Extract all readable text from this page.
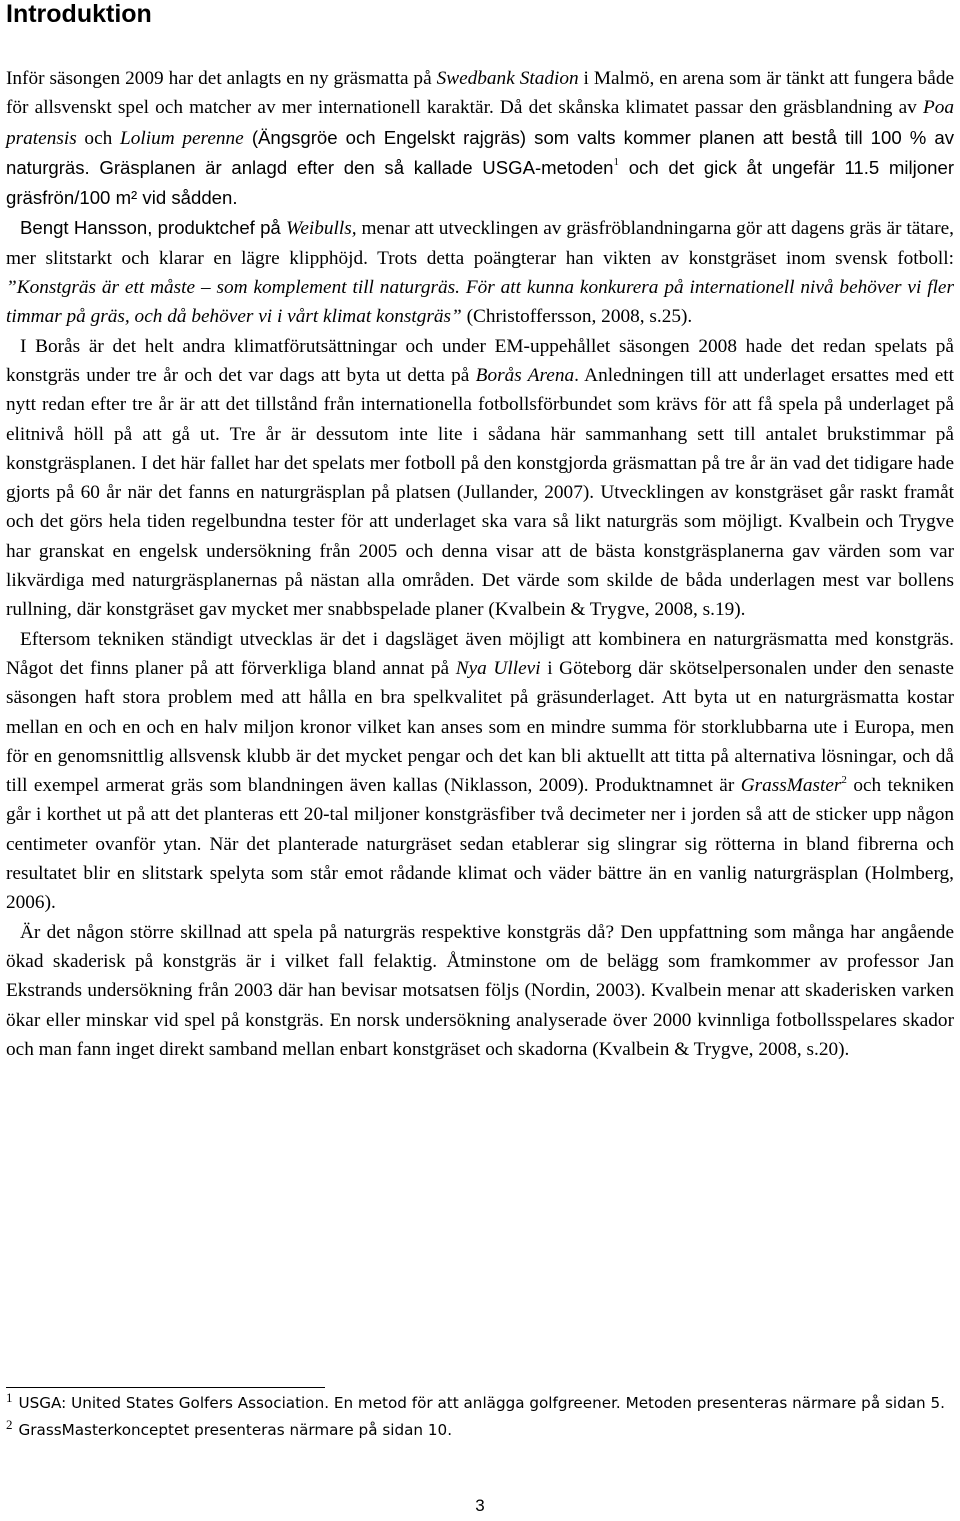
Introduktion

Inför säsongen 2009 har det anlagts en ny gräsmatta på Swedbank Stadion i Malmö, en arena som är tänkt att fungera både för allsvenskt spel och matcher av mer internationell karaktär. Då det skånska klimatet passar den gräsblandning av Poa pratensis och Lolium perenne (Ängsgröe och Engelskt rajgräs) som valts kommer planen att bestå till 100 % av naturgräs. Gräsplanen är anlagd efter den så kallade USGA-metoden$^1$ och det gick åt ungefär 11.5 miljoner gräsfrön/100 m² vid sådden.

Bengt Hansson, produktchef på Weibulls, menar att utvecklingen av gräsfröblandningarna gör att dagens gräs är tätare, mer slitstarkt och klarar en lägre klipphöjd. Trots detta poängterar han vikten av konstgräset inom svensk fotboll: ”Konstgräs är ett måste – som komplement till naturgräs. För att kunna konkurera på internationell nivå behöver vi fler timmar på gräs, och då behöver vi i vårt klimat konstgräs” (Christoffersson, 2008, s.25).

I Borås är det helt andra klimatförutsättningar och under EM-uppehållet säsongen 2008 hade det redan spelats på konstgräs under tre år och det var dags att byta ut detta på Borås Arena. Anledningen till att underlaget ersattes med ett nytt redan efter tre år är att det tillstånd från internationella fotbollsförbundet som krävs för att få spela på underlaget på elitnivå höll på att gå ut. Tre år är dessutom inte lite i sådana här sammanhang sett till antalet brukstimmar på konstgräsplanen. I det här fallet har det spelats mer fotboll på den konstgjorda gräsmattan på tre år än vad det tidigare hade gjorts på 60 år när det fanns en naturgräsplan på platsen (Jullander, 2007). Utvecklingen av konstgräset går raskt framåt och det görs hela tiden regelbundna tester för att underlaget ska vara så likt naturgräs som möjligt. Kvalbein och Trygve har granskat en engelsk undersökning från 2005 och denna visar att de bästa konstgräsplanerna gav värden som var likvärdiga med naturgräsplanernas på nästan alla områden. Det värde som skilde de båda underlagen mest var bollens rullning, där konstgräset gav mycket mer snabbspelade planer (Kvalbein & Trygve, 2008, s.19).

Eftersom tekniken ständigt utvecklas är det i dagsläget även möjligt att kombinera en naturgräsmatta med konstgräs. Något det finns planer på att förverkliga bland annat på Nya Ullevi i Göteborg där skötselpersonalen under den senaste säsongen haft stora problem med att hålla en bra spelkvalitet på gräsunderlaget. Att byta ut en naturgräsmatta kostar mellan en och en och en halv miljon kronor vilket kan anses som en mindre summa för storklubbarna ute i Europa, men för en genomsnittlig allsvensk klubb är det mycket pengar och det kan bli aktuellt att titta på alternativa lösningar, och då till exempel armerat gräs som blandningen även kallas (Niklasson, 2009). Produktnamnet är GrassMaster$^2$ och tekniken går i korthet ut på att det planteras ett 20-tal miljoner konstgräsfiber två decimeter ner i jorden så att de sticker upp någon centimeter ovanför ytan. När det planterade naturgräset sedan etablerar sig slingrar sig rötterna in bland fibrerna och resultatet blir en slitstark spelyta som står emot rådande klimat och väder bättre än en vanlig naturgräsplan (Holmberg, 2006).

Är det någon större skillnad att spela på naturgräs respektive konstgräs då? Den uppfattning som många har angående ökad skaderisk på konstgräs är i vilket fall felaktig. Åtminstone om de belägg som framkommer av professor Jan Ekstrands undersökning från 2003 där han bevisar motsatsen följs (Nordin, 2003). Kvalbein menar att skaderisken varken ökar eller minskar vid spel på konstgräs. En norsk undersökning analyserade över 2000 kvinnliga fotbollsspelares skador och man fann inget direkt samband mellan enbart konstgräset och skadorna (Kvalbein & Trygve, 2008, s.20).

1 USGA: United States Golfers Association. En metod för att anlägga golfgreener. Metoden presenteras närmare på sidan 5.

2 GrassMasterkonceptet presenteras närmare på sidan 10.

3
